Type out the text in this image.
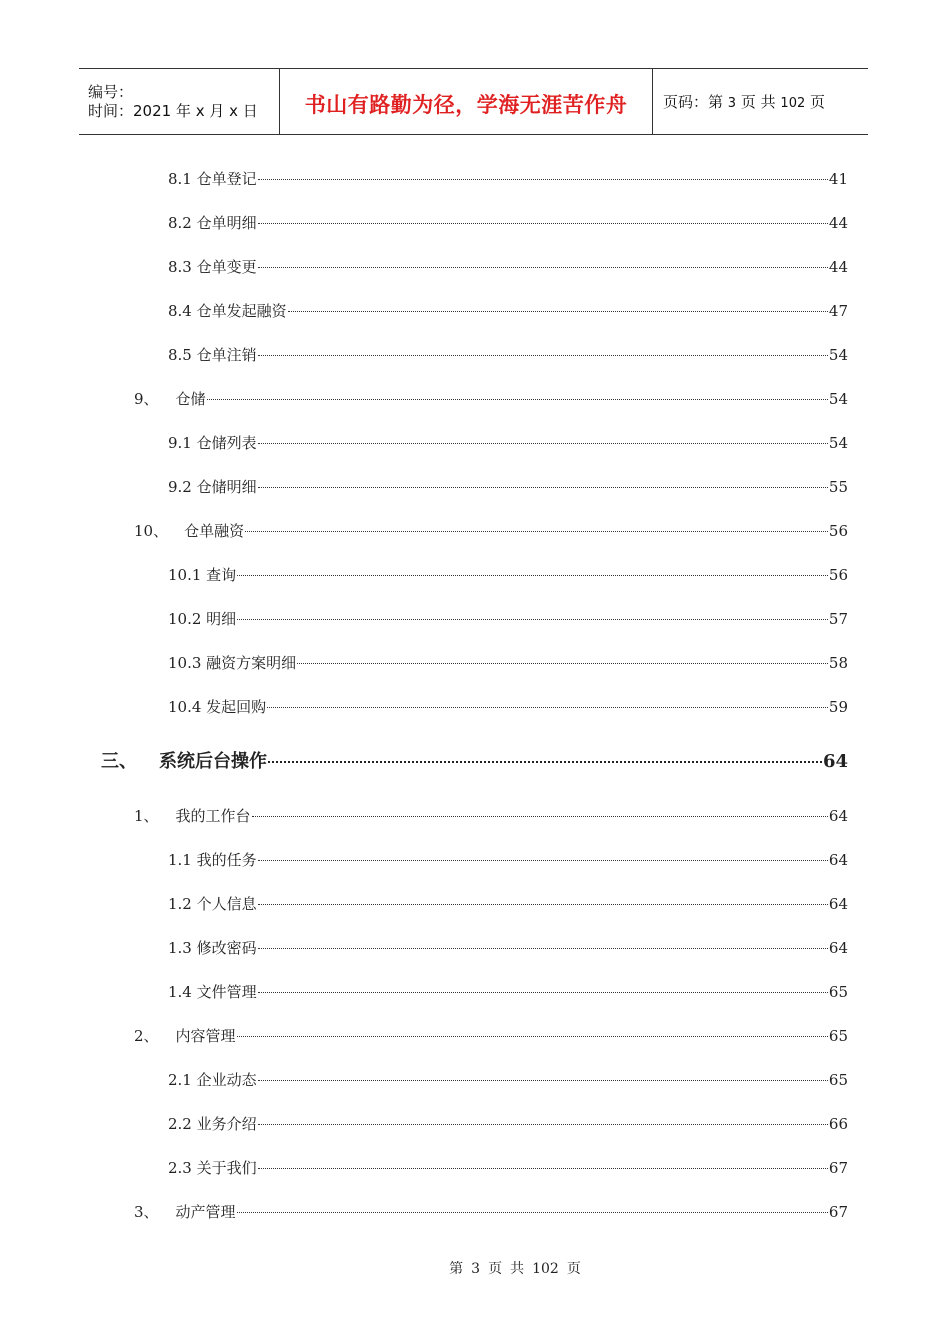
编号：
时间：2021 年 x 月 x 日	书山有路勤为径，学海无涯苦作舟 页码：第 3 页 共 102 页
8.1 仓单登记	41
8.2 仓单明细	44
8.3 仓单变更	44
8.4 仓单发起融资	47
8.5 仓单注销	54
9、 仓储	54
9.1 仓储列表	54
9.2 仓储明细	55
10、 仓单融资	56
10.1 查询	56
10.2 明细	57
10.3 融资方案明细	58
10.4 发起回购	59
三、 系统后台操作	64
1、 我的工作台	64
1.1 我的任务	64
1.2 个人信息	64
1.3 修改密码	64
1.4 文件管理	65
2、 内容管理	65
2.1 企业动态	65
2.2 业务介绍	66
2.3 关于我们	67
3、 动产管理	67
第 3 页 共 102 页
